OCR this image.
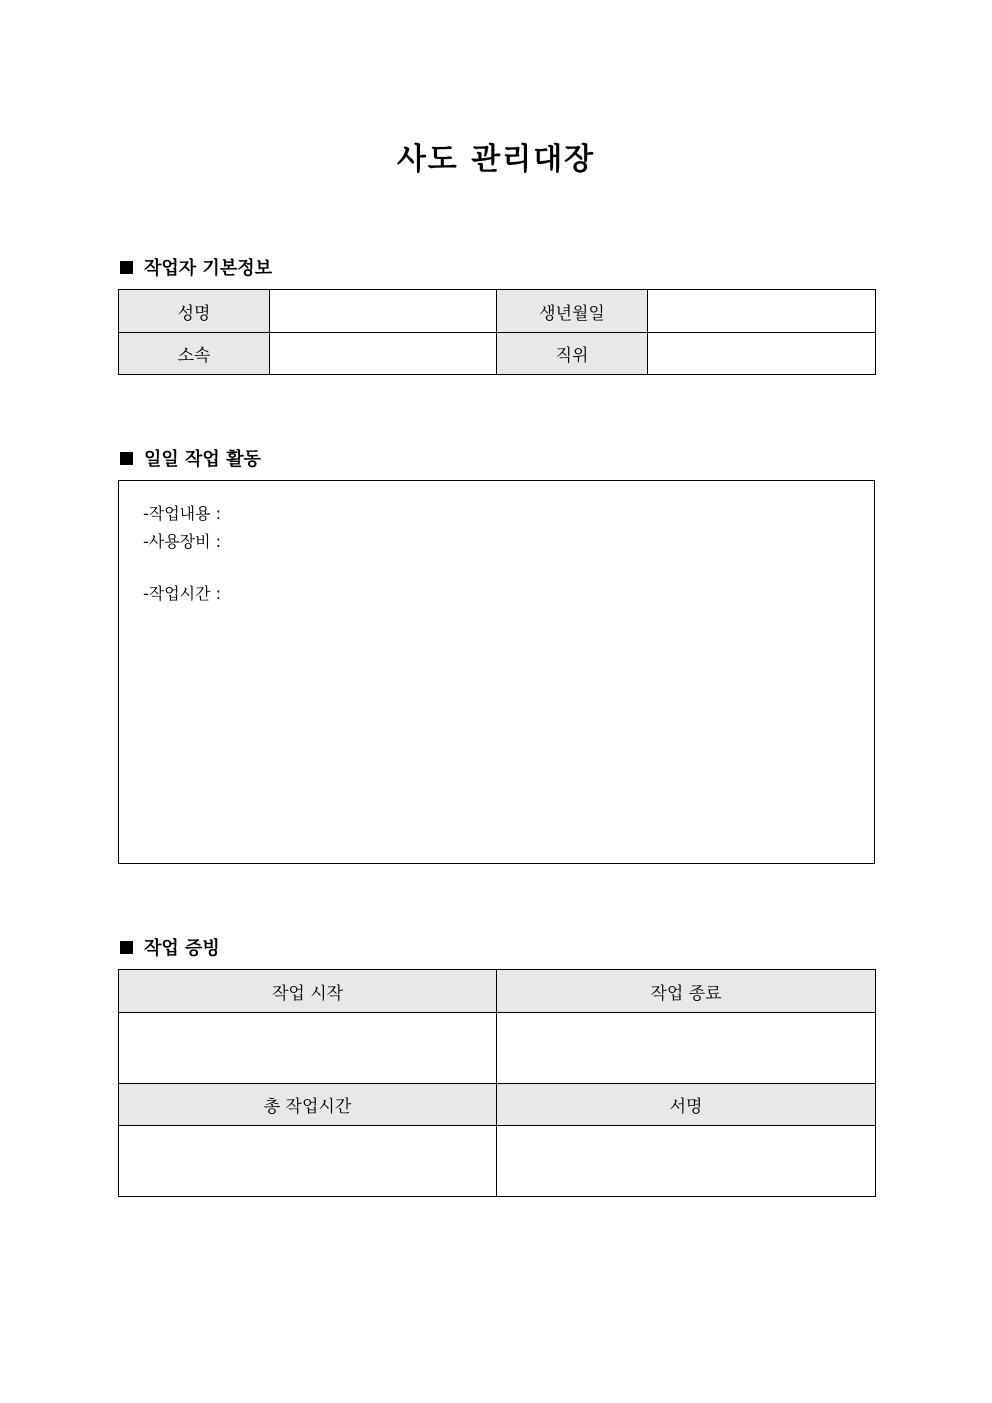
사도 관리대장
작업자 기본정보
성명		생년월일	
소속		직위	
일일 작업 활동
-작업내용 :
-사용장비 :
-작업시간 :
작업 증빙
작업 시작	작업 종료

총 작업시간	서명
